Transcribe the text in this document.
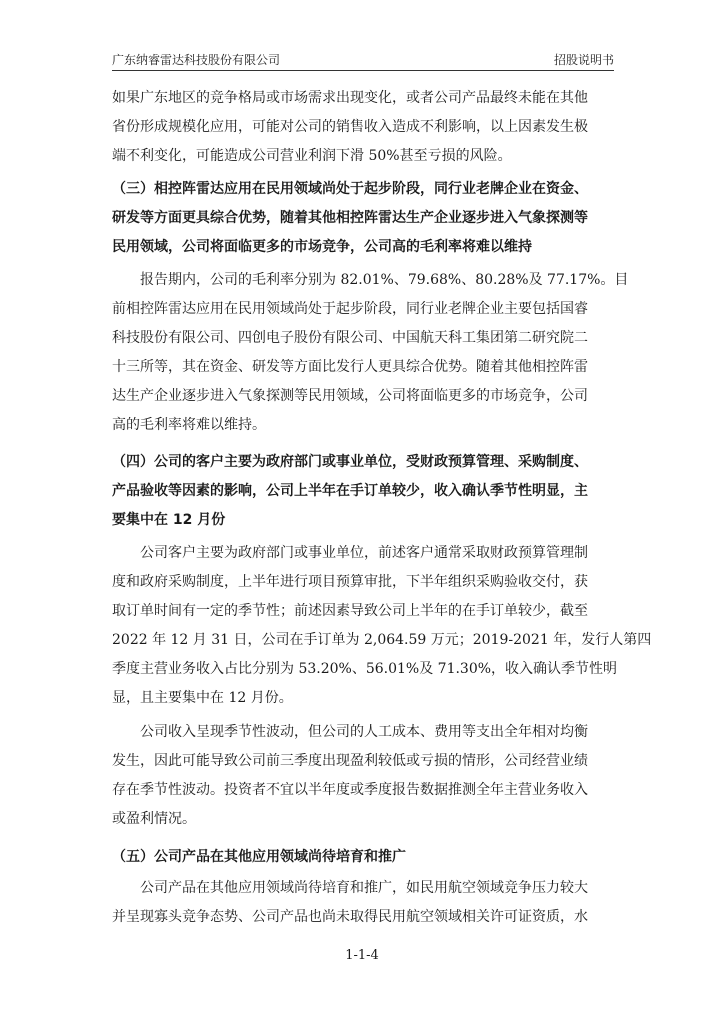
广东纳睿雷达科技股份有限公司	招股说明书
如果广东地区的竞争格局或市场需求出现变化，或者公司产品最终未能在其他
省份形成规模化应用，可能对公司的销售收入造成不利影响，以上因素发生极
端不利变化，可能造成公司营业利润下滑 50%甚至亏损的风险。
（三）相控阵雷达应用在民用领域尚处于起步阶段，同行业老牌企业在资金、
研发等方面更具综合优势，随着其他相控阵雷达生产企业逐步进入气象探测等
民用领域，公司将面临更多的市场竞争，公司高的毛利率将难以维持
报告期内，公司的毛利率分别为 82.01%、79.68%、80.28%及 77.17%。目
前相控阵雷达应用在民用领域尚处于起步阶段，同行业老牌企业主要包括国睿
科技股份有限公司、四创电子股份有限公司、中国航天科工集团第二研究院二
十三所等，其在资金、研发等方面比发行人更具综合优势。随着其他相控阵雷
达生产企业逐步进入气象探测等民用领域，公司将面临更多的市场竞争，公司
高的毛利率将难以维持。
（四）公司的客户主要为政府部门或事业单位，受财政预算管理、采购制度、
产品验收等因素的影响，公司上半年在手订单较少，收入确认季节性明显，主
要集中在 12 月份
公司客户主要为政府部门或事业单位，前述客户通常采取财政预算管理制
度和政府采购制度，上半年进行项目预算审批，下半年组织采购验收交付，获
取订单时间有一定的季节性；前述因素导致公司上半年的在手订单较少，截至
2022 年 12 月 31 日，公司在手订单为 2,064.59 万元；2019-2021 年，发行人第四
季度主营业务收入占比分别为 53.20%、56.01%及 71.30%，收入确认季节性明
显，且主要集中在 12 月份。
公司收入呈现季节性波动，但公司的人工成本、费用等支出全年相对均衡
发生，因此可能导致公司前三季度出现盈利较低或亏损的情形，公司经营业绩
存在季节性波动。投资者不宜以半年度或季度报告数据推测全年主营业务收入
或盈利情况。
（五）公司产品在其他应用领域尚待培育和推广
公司产品在其他应用领域尚待培育和推广，如民用航空领域竞争压力较大
并呈现寡头竞争态势、公司产品也尚未取得民用航空领域相关许可证资质，水
1-1-4
